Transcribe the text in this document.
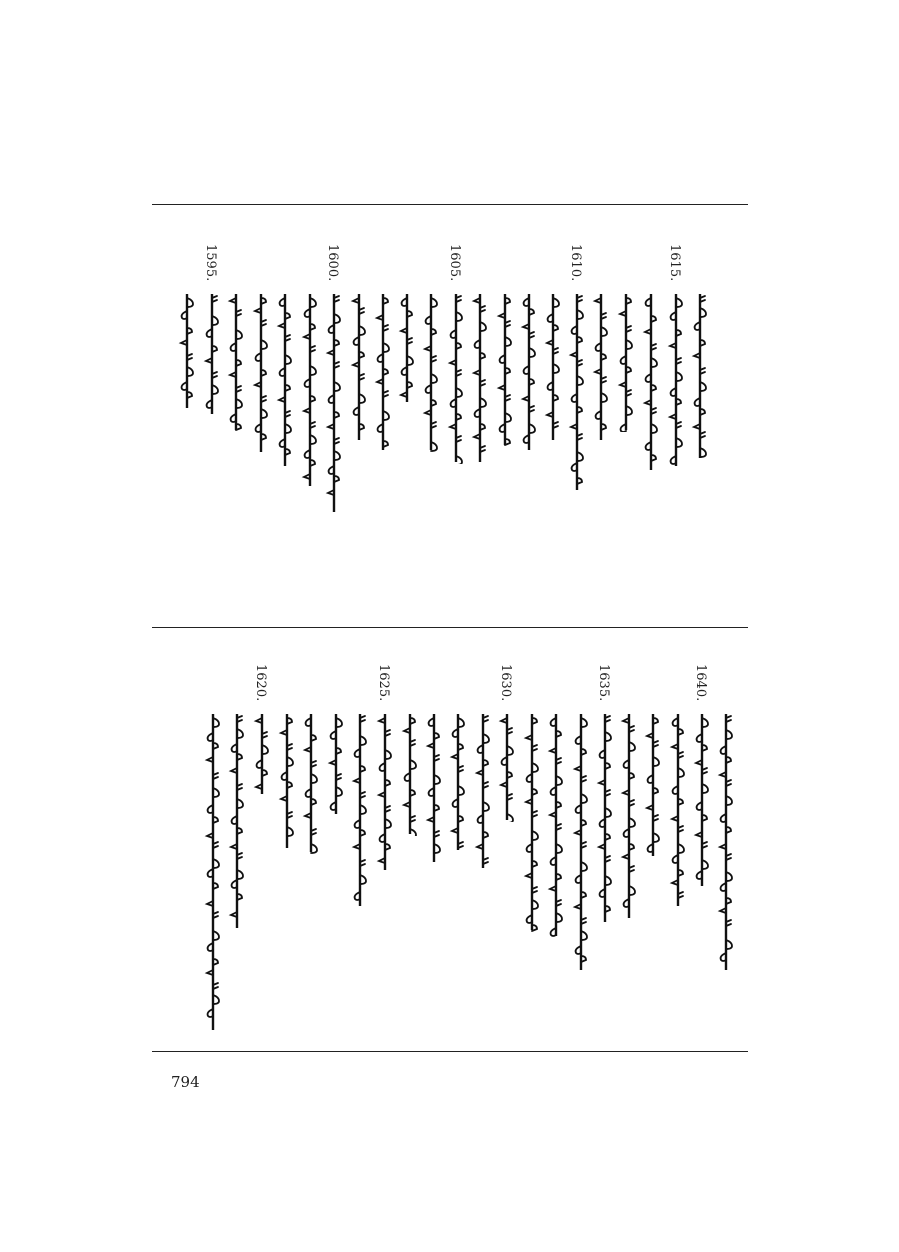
1615.
1610.
1605.
1600.
1595.
1640.
1635.
1630.
1625.
1620.
794
